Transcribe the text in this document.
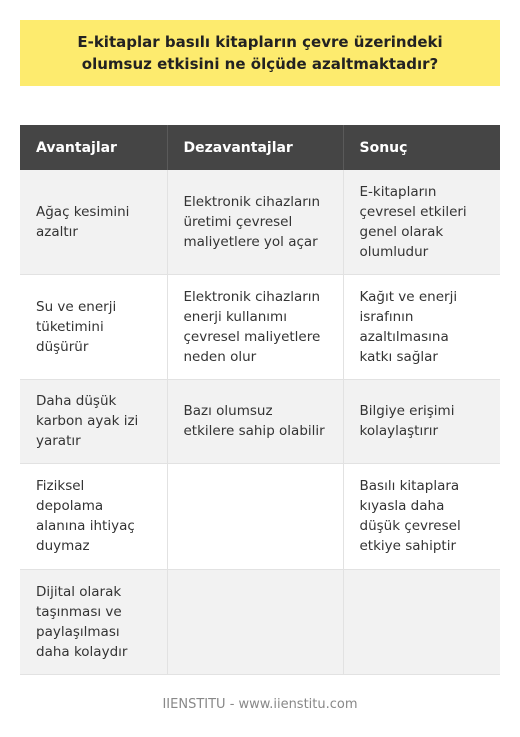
E-kitaplar basılı kitapların çevre üzerindeki olumsuz etkisini ne ölçüde azaltmaktadır?
Avantajlar	Dezavantajlar	Sonuç
Ağaç kesimini azaltır	Elektronik cihazların üretimi çevresel maliyetlere yol açar	E-kitapların çevresel etkileri genel olarak olumludur
Su ve enerji tüketimini düşürür	Elektronik cihazların enerji kullanımı çevresel maliyetlere neden olur	Kağıt ve enerji israfının azaltılmasına katkı sağlar
Daha düşük karbon ayak izi yaratır	Bazı olumsuz etkilere sahip olabilir	Bilgiye erişimi kolaylaştırır
Fiziksel depolama alanına ihtiyaç duymaz		Basılı kitaplara kıyasla daha düşük çevresel etkiye sahiptir
Dijital olarak taşınması ve paylaşılması daha kolaydır		
IIENSTITU - www.iienstitu.com
